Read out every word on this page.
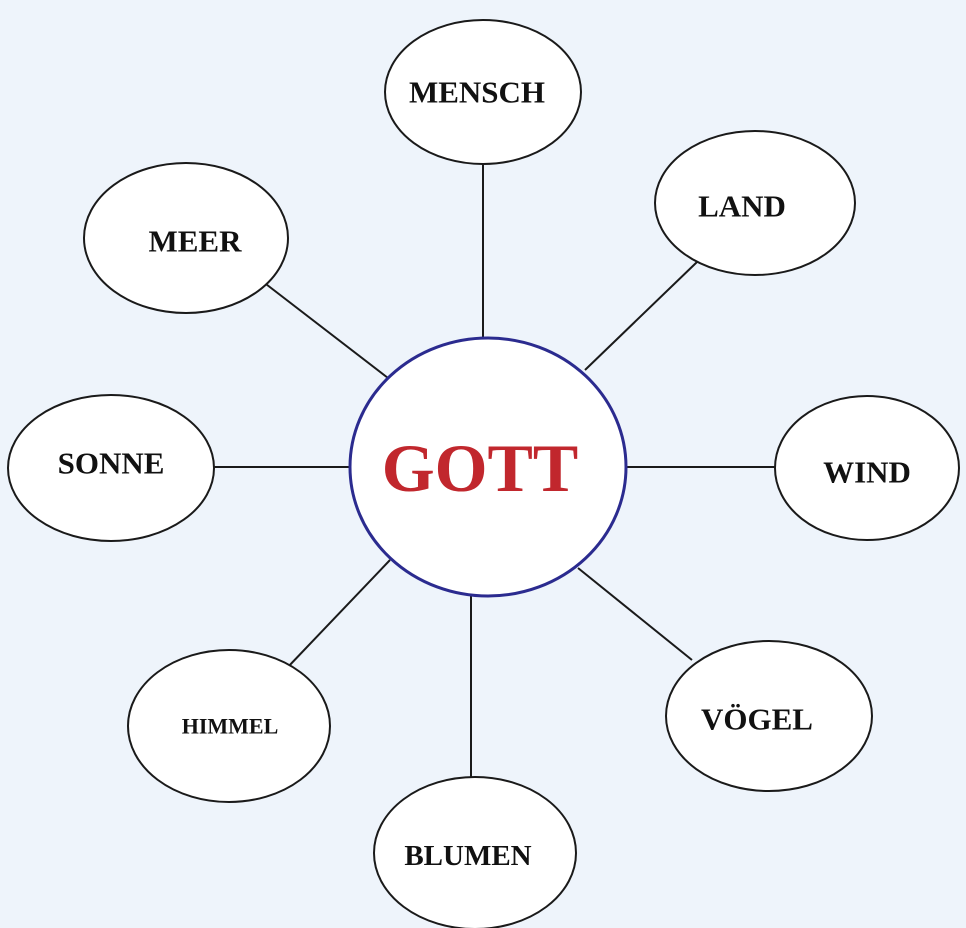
MENSCH
LAND
WIND
VÖGEL
BLUMEN
HIMMEL
SONNE
MEER
GOTT
